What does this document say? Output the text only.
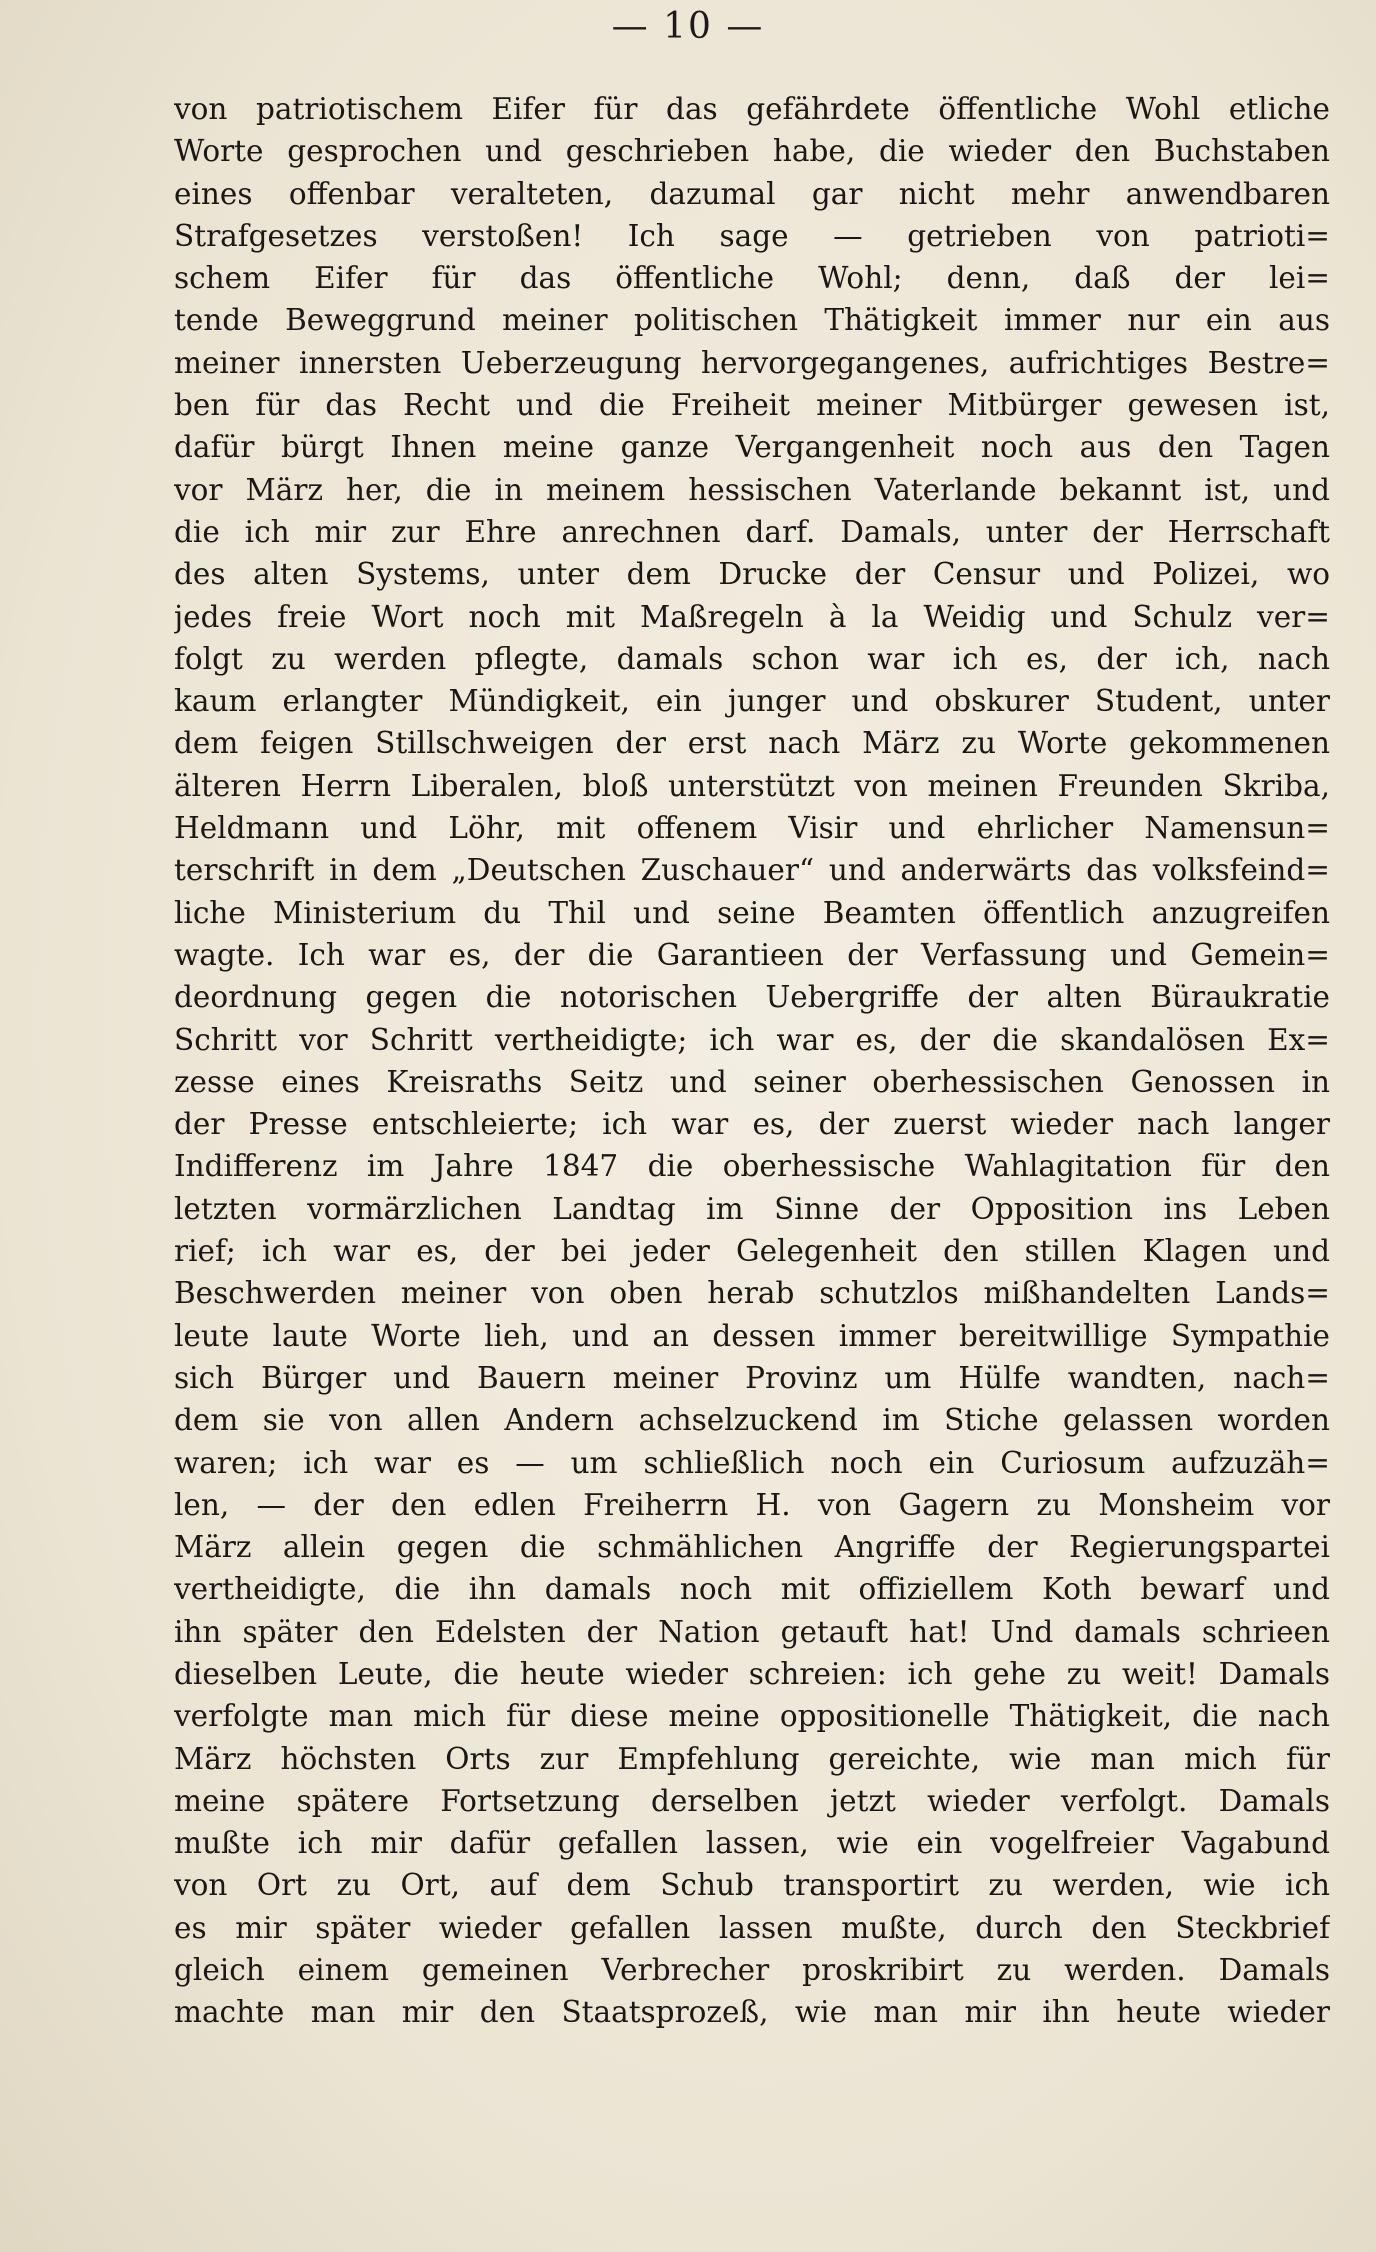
— 10 —
von patriotischem Eifer für das gefährdete öffentliche Wohl etliche
Worte gesprochen und geschrieben habe, die wieder den Buchstaben
eines offenbar veralteten, dazumal gar nicht mehr anwendbaren
Strafgesetzes verstoßen! Ich sage — getrieben von patrioti=
schem Eifer für das öffentliche Wohl; denn, daß der lei=
tende Beweggrund meiner politischen Thätigkeit immer nur ein aus
meiner innersten Ueberzeugung hervorgegangenes, aufrichtiges Bestre=
ben für das Recht und die Freiheit meiner Mitbürger gewesen ist,
dafür bürgt Ihnen meine ganze Vergangenheit noch aus den Tagen
vor März her, die in meinem hessischen Vaterlande bekannt ist, und
die ich mir zur Ehre anrechnen darf. Damals, unter der Herrschaft
des alten Systems, unter dem Drucke der Censur und Polizei, wo
jedes freie Wort noch mit Maßregeln à la Weidig und Schulz ver=
folgt zu werden pflegte, damals schon war ich es, der ich, nach
kaum erlangter Mündigkeit, ein junger und obskurer Student, unter
dem feigen Stillschweigen der erst nach März zu Worte gekommenen
älteren Herrn Liberalen, bloß unterstützt von meinen Freunden Skriba,
Heldmann und Löhr, mit offenem Visir und ehrlicher Namensun=
terschrift in dem „Deutschen Zuschauer“ und anderwärts das volksfeind=
liche Ministerium du Thil und seine Beamten öffentlich anzugreifen
wagte. Ich war es, der die Garantieen der Verfassung und Gemein=
deordnung gegen die notorischen Uebergriffe der alten Büraukratie
Schritt vor Schritt vertheidigte; ich war es, der die skandalösen Ex=
zesse eines Kreisraths Seitz und seiner oberhessischen Genossen in
der Presse entschleierte; ich war es, der zuerst wieder nach langer
Indifferenz im Jahre 1847 die oberhessische Wahlagitation für den
letzten vormärzlichen Landtag im Sinne der Opposition ins Leben
rief; ich war es, der bei jeder Gelegenheit den stillen Klagen und
Beschwerden meiner von oben herab schutzlos mißhandelten Lands=
leute laute Worte lieh, und an dessen immer bereitwillige Sympathie
sich Bürger und Bauern meiner Provinz um Hülfe wandten, nach=
dem sie von allen Andern achselzuckend im Stiche gelassen worden
waren; ich war es — um schließlich noch ein Curiosum aufzuzäh=
len, — der den edlen Freiherrn H. von Gagern zu Monsheim vor
März allein gegen die schmählichen Angriffe der Regierungspartei
vertheidigte, die ihn damals noch mit offiziellem Koth bewarf und
ihn später den Edelsten der Nation getauft hat! Und damals schrieen
dieselben Leute, die heute wieder schreien: ich gehe zu weit! Damals
verfolgte man mich für diese meine oppositionelle Thätigkeit, die nach
März höchsten Orts zur Empfehlung gereichte, wie man mich für
meine spätere Fortsetzung derselben jetzt wieder verfolgt. Damals
mußte ich mir dafür gefallen lassen, wie ein vogelfreier Vagabund
von Ort zu Ort, auf dem Schub transportirt zu werden, wie ich
es mir später wieder gefallen lassen mußte, durch den Steckbrief
gleich einem gemeinen Verbrecher proskribirt zu werden. Damals
machte man mir den Staatsprozeß, wie man mir ihn heute wieder
